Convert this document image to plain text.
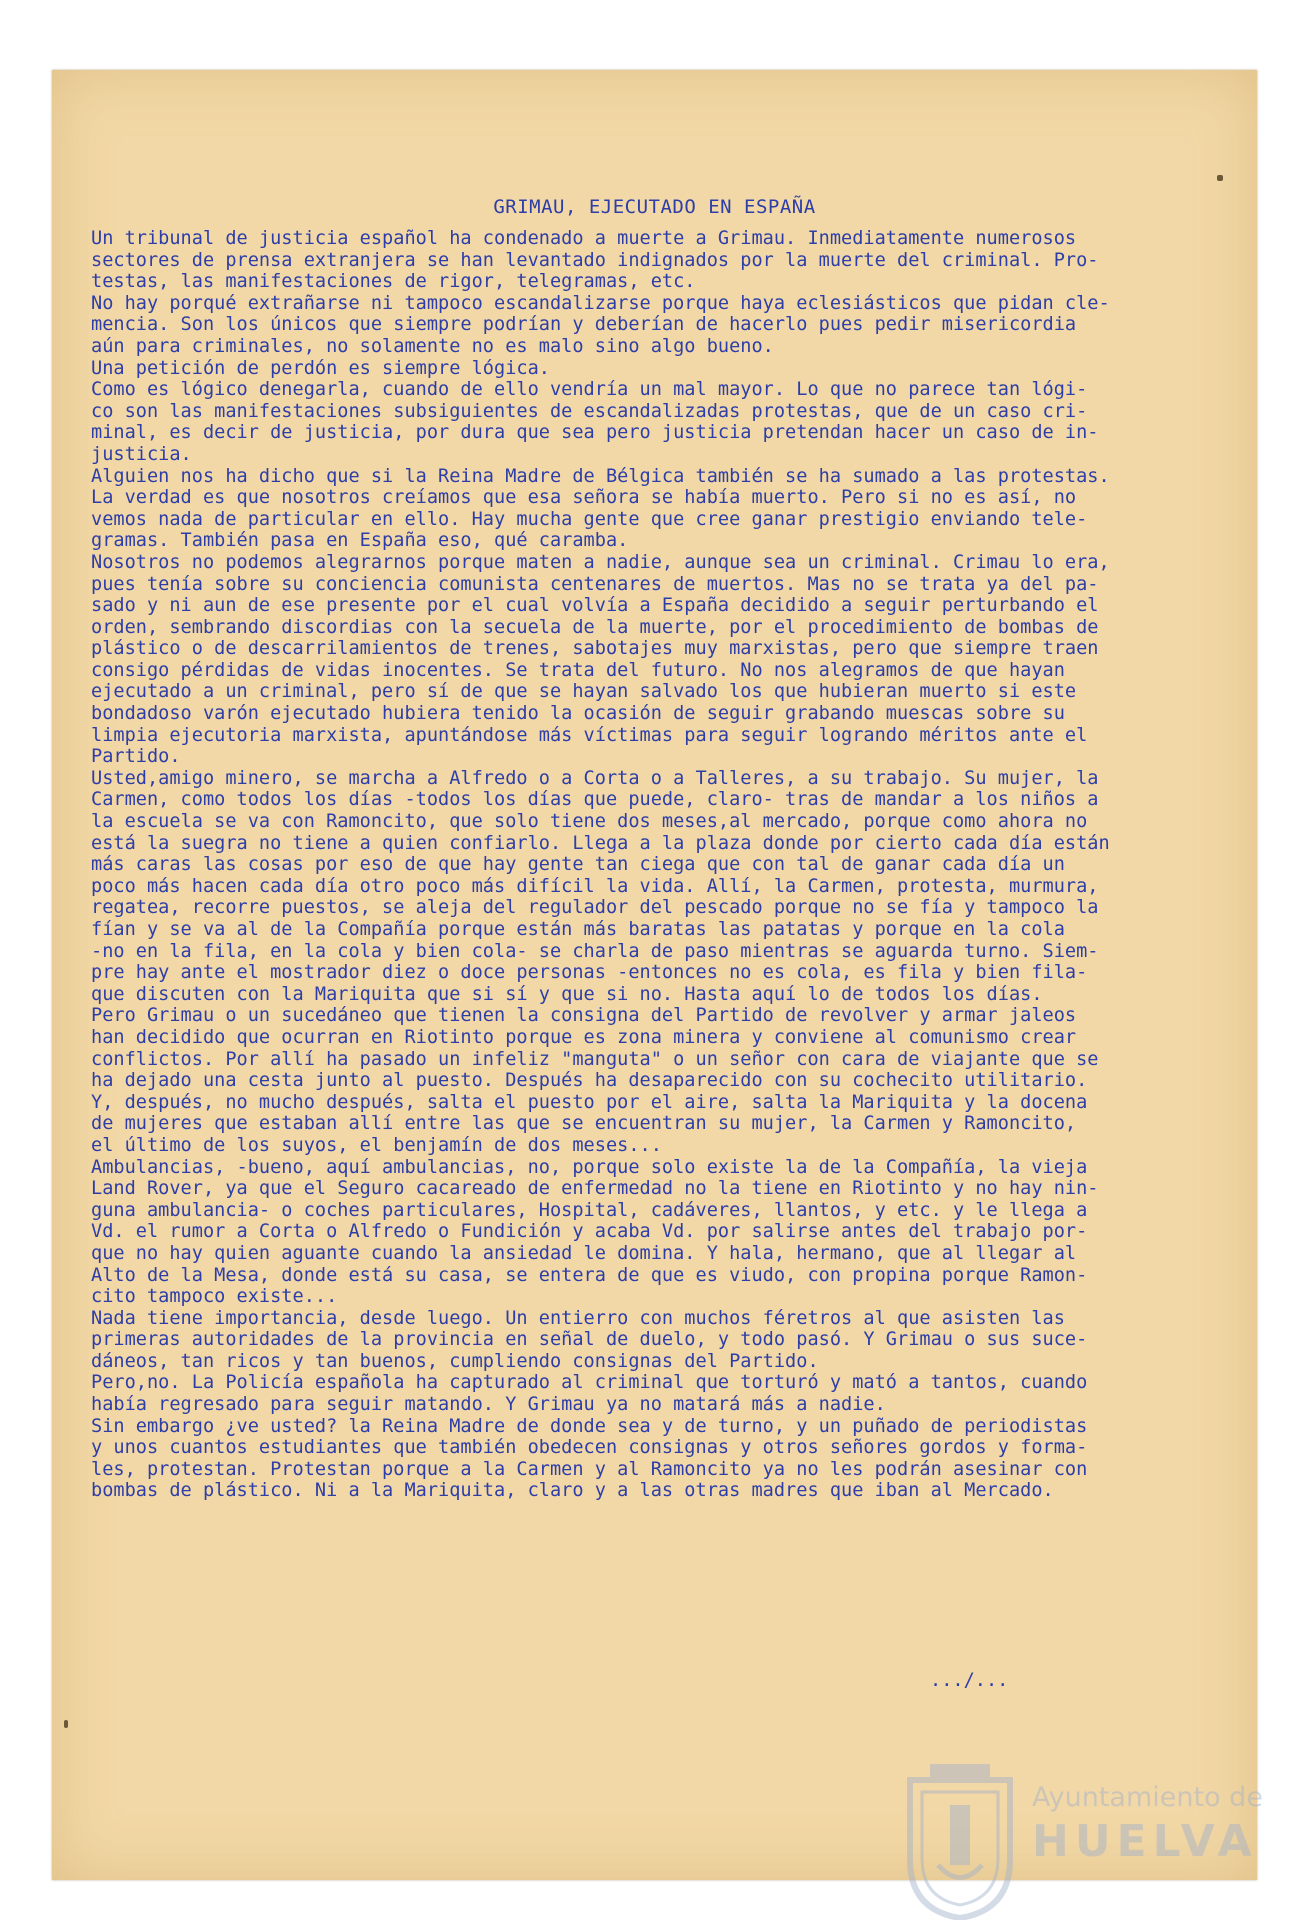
GRIMAU, EJECUTADO EN ESPAÑA
Un tribunal de justicia español ha condenado a muerte a Grimau. Inmediatamente numerosos
sectores de prensa extranjera se han levantado indignados por la muerte del criminal. Pro-
testas, las manifestaciones de rigor, telegramas, etc.
No hay porqué extrañarse ni tampoco escandalizarse porque haya eclesiásticos que pidan cle-
mencia. Son los únicos que siempre podrían y deberían de hacerlo pues pedir misericordia
aún para criminales, no solamente no es malo sino algo bueno.
Una petición de perdón es siempre lógica.
Como es lógico denegarla, cuando de ello vendría un mal mayor. Lo que no parece tan lógi-
co son las manifestaciones subsiguientes de escandalizadas protestas, que de un caso cri-
minal, es decir de justicia, por dura que sea pero justicia pretendan hacer un caso de in-
justicia.
Alguien nos ha dicho que si la Reina Madre de Bélgica también se ha sumado a las protestas.
La verdad es que nosotros creíamos que esa señora se había muerto. Pero si no es así, no
vemos nada de particular en ello. Hay mucha gente que cree ganar prestigio enviando tele-
gramas. También pasa en España eso, qué caramba.
Nosotros no podemos alegrarnos porque maten a nadie, aunque sea un criminal. Crimau lo era,
pues tenía sobre su conciencia comunista centenares de muertos. Mas no se trata ya del pa-
sado y ni aun de ese presente por el cual volvía a España decidido a seguir perturbando el
orden, sembrando discordias con la secuela de la muerte, por el procedimiento de bombas de
plástico o de descarrilamientos de trenes, sabotajes muy marxistas, pero que siempre traen
consigo pérdidas de vidas inocentes. Se trata del futuro. No nos alegramos de que hayan
ejecutado a un criminal, pero sí de que se hayan salvado los que hubieran muerto si este
bondadoso varón ejecutado hubiera tenido la ocasión de seguir grabando muescas sobre su
limpia ejecutoria marxista, apuntándose más víctimas para seguir logrando méritos ante el
Partido.
Usted,amigo minero, se marcha a Alfredo o a Corta o a Talleres, a su trabajo. Su mujer, la
Carmen, como todos los días -todos los días que puede, claro- tras de mandar a los niños a
la escuela se va con Ramoncito, que solo tiene dos meses,al mercado, porque como ahora no
está la suegra no tiene a quien confiarlo. Llega a la plaza donde por cierto cada día están
más caras las cosas por eso de que hay gente tan ciega que con tal de ganar cada día un
poco más hacen cada día otro poco más difícil la vida. Allí, la Carmen, protesta, murmura,
regatea, recorre puestos, se aleja del regulador del pescado porque no se fía y tampoco la
fían y se va al de la Compañía porque están más baratas las patatas y porque en la cola
-no en la fila, en la cola y bien cola- se charla de paso mientras se aguarda turno. Siem-
pre hay ante el mostrador diez o doce personas -entonces no es cola, es fila y bien fila-
que discuten con la Mariquita que si sí y que si no. Hasta aquí lo de todos los días.
Pero Grimau o un sucedáneo que tienen la consigna del Partido de revolver y armar jaleos
han decidido que ocurran en Riotinto porque es zona minera y conviene al comunismo crear
conflictos. Por allí ha pasado un infeliz "manguta" o un señor con cara de viajante que se
ha dejado una cesta junto al puesto. Después ha desaparecido con su cochecito utilitario.
Y, después, no mucho después, salta el puesto por el aire, salta la Mariquita y la docena
de mujeres que estaban allí entre las que se encuentran su mujer, la Carmen y Ramoncito,
el último de los suyos, el benjamín de dos meses...
Ambulancias, -bueno, aquí ambulancias, no, porque solo existe la de la Compañía, la vieja
Land Rover, ya que el Seguro cacareado de enfermedad no la tiene en Riotinto y no hay nin-
guna ambulancia- o coches particulares, Hospital, cadáveres, llantos, y etc. y le llega a
Vd. el rumor a Corta o Alfredo o Fundición y acaba Vd. por salirse antes del trabajo por-
que no hay quien aguante cuando la ansiedad le domina. Y hala, hermano, que al llegar al
Alto de la Mesa, donde está su casa, se entera de que es viudo, con propina porque Ramon-
cito tampoco existe...
Nada tiene importancia, desde luego. Un entierro con muchos féretros al que asisten las
primeras autoridades de la provincia en señal de duelo, y todo pasó. Y Grimau o sus suce-
dáneos, tan ricos y tan buenos, cumpliendo consignas del Partido.
Pero,no. La Policía española ha capturado al criminal que torturó y mató a tantos, cuando
había regresado para seguir matando. Y Grimau ya no matará más a nadie.
Sin embargo ¿ve usted? la Reina Madre de donde sea y de turno, y un puñado de periodistas
y unos cuantos estudiantes que también obedecen consignas y otros señores gordos y forma-
les, protestan. Protestan porque a la Carmen y al Ramoncito ya no les podrán asesinar con
bombas de plástico. Ni a la Mariquita, claro y a las otras madres que iban al Mercado.
.../...
Ayuntamiento de
HUELVA
